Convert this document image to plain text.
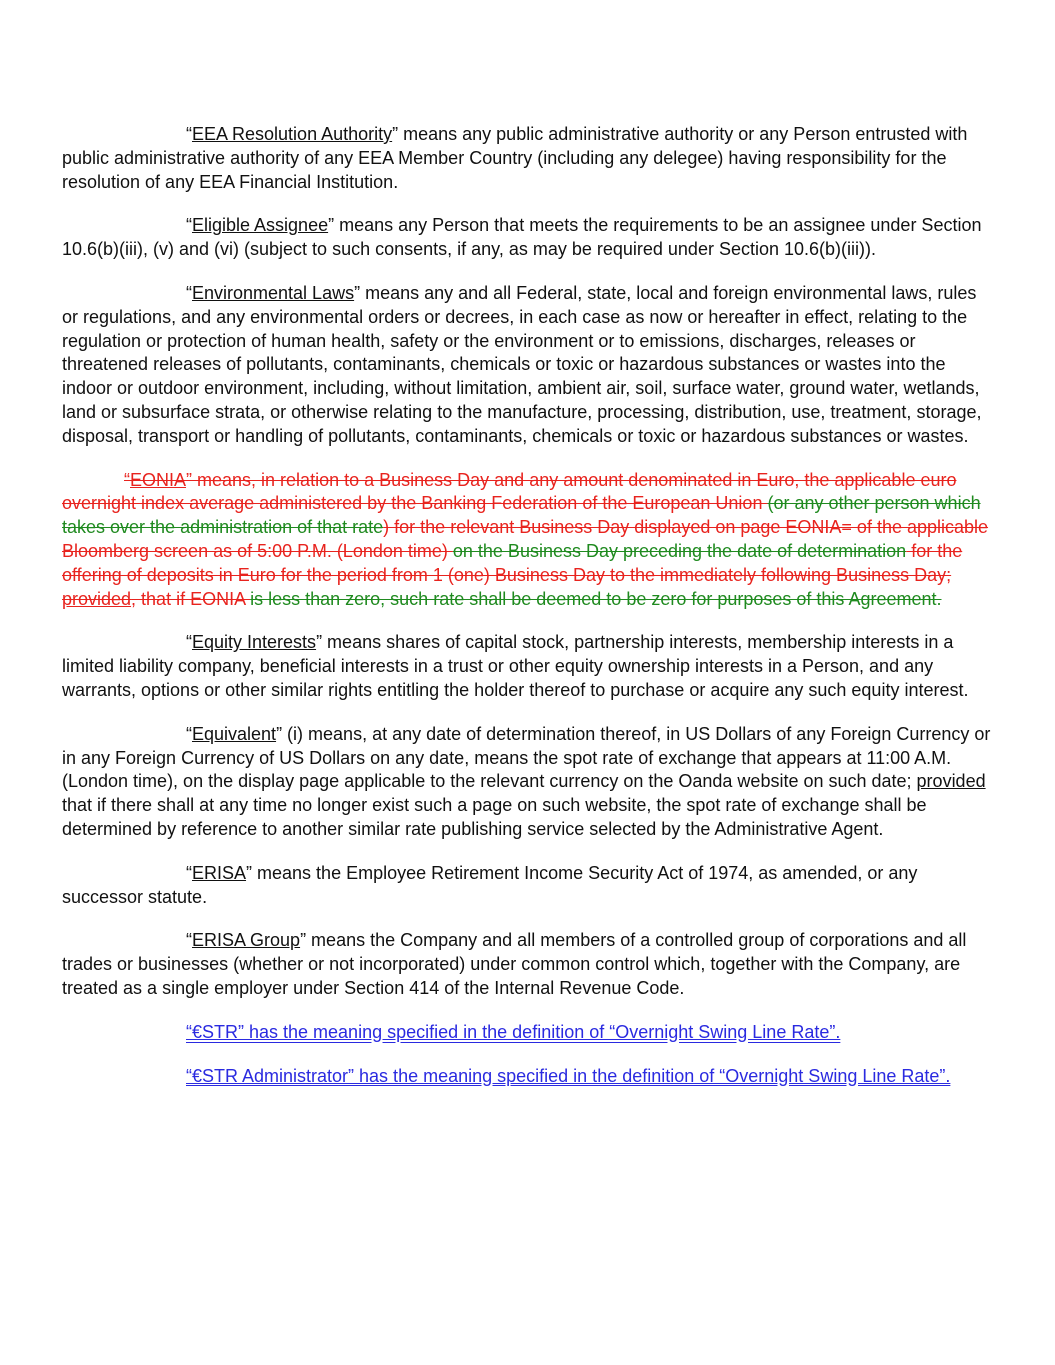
“EEA Resolution Authority” means any public administrative authority or any Person entrusted with public administrative authority of any EEA Member Country (including any delegee) having responsibility for the resolution of any EEA Financial Institution.

“Eligible Assignee” means any Person that meets the requirements to be an assignee under Section 10.6(b)(iii), (v) and (vi) (subject to such consents, if any, as may be required under Section 10.6(b)(iii)).

“Environmental Laws” means any and all Federal, state, local and foreign environmental laws, rules or regulations, and any environmental orders or decrees, in each case as now or hereafter in effect, relating to the regulation or protection of human health, safety or the environment or to emissions, discharges, releases or threatened releases of pollutants, contaminants, chemicals or toxic or hazardous substances or wastes into the indoor or outdoor environment, including, without limitation, ambient air, soil, surface water, ground water, wetlands, land or subsurface strata, or otherwise relating to the manufacture, processing, distribution, use, treatment, storage, disposal, transport or handling of pollutants, contaminants, chemicals or toxic or hazardous substances or wastes.

“EONIA” means, in relation to a Business Day and any amount denominated in Euro, the applicable euro overnight index average administered by the Banking Federation of the European Union (or any other person which takes over the administration of that rate) for the relevant Business Day displayed on page EONIA= of the applicable Bloomberg screen as of 5:00 P.M. (London time) on the Business Day preceding the date of determination for the offering of deposits in Euro for the period from 1 (one) Business Day to the immediately following Business Day; provided, that if EONIA is less than zero, such rate shall be deemed to be zero for purposes of this Agreement.

“Equity Interests” means shares of capital stock, partnership interests, membership interests in a limited liability company, beneficial interests in a trust or other equity ownership interests in a Person, and any warrants, options or other similar rights entitling the holder thereof to purchase or acquire any such equity interest.

“Equivalent” (i) means, at any date of determination thereof, in US Dollars of any Foreign Currency or in any Foreign Currency of US Dollars on any date, means the spot rate of exchange that appears at 11:00 A.M. (London time), on the display page applicable to the relevant currency on the Oanda website on such date; provided that if there shall at any time no longer exist such a page on such website, the spot rate of exchange shall be determined by reference to another similar rate publishing service selected by the Administrative Agent.

“ERISA” means the Employee Retirement Income Security Act of 1974, as amended, or any successor statute.

“ERISA Group” means the Company and all members of a controlled group of corporations and all trades or businesses (whether or not incorporated) under common control which, together with the Company, are treated as a single employer under Section 414 of the Internal Revenue Code.

“€STR” has the meaning specified in the definition of “Overnight Swing Line Rate”.

“€STR Administrator” has the meaning specified in the definition of “Overnight Swing Line Rate”.
